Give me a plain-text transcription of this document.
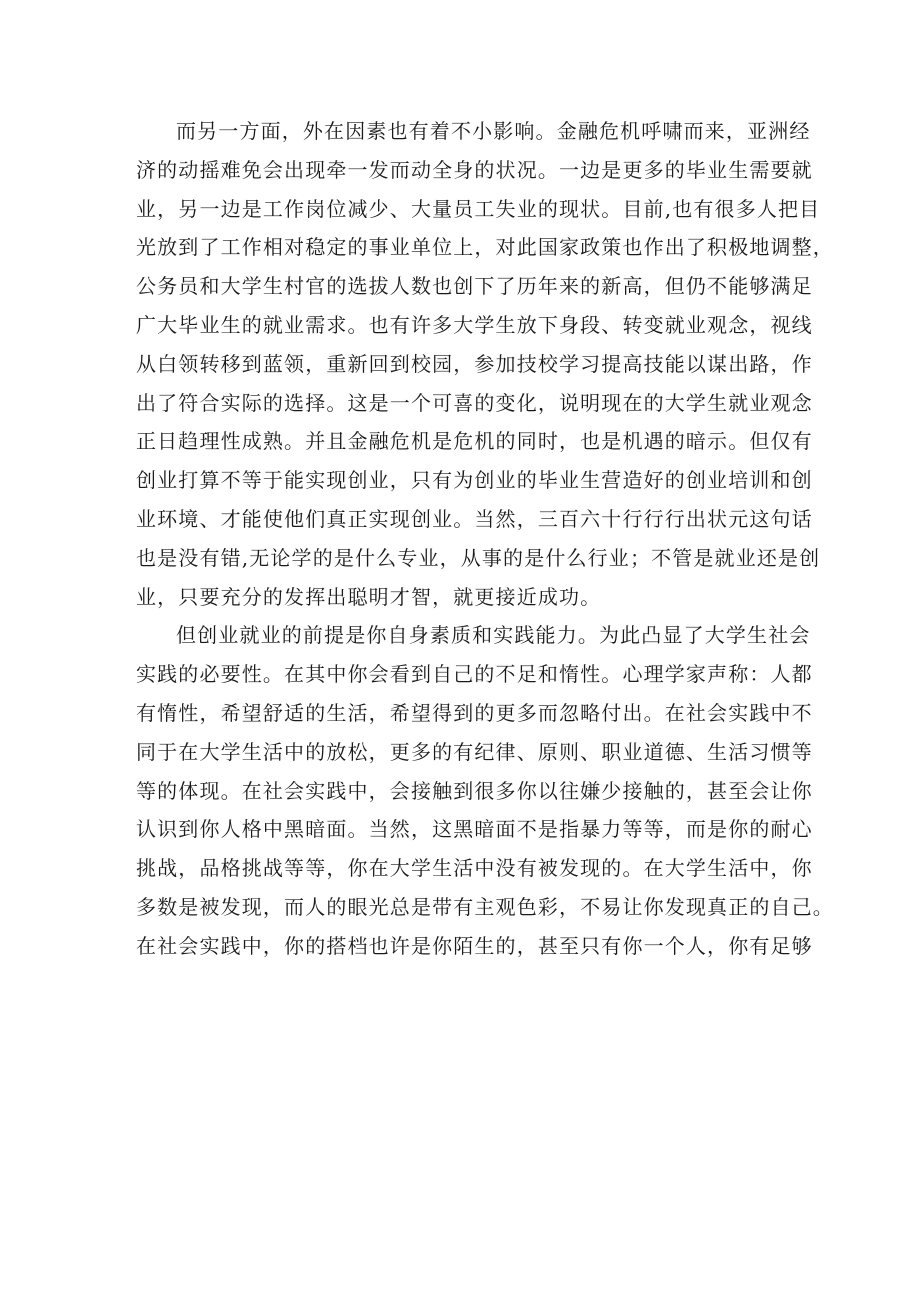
而另一方面，外在因素也有着不小影响。金融危机呼啸而来，亚洲经
济的动摇难免会出现牵一发而动全身的状况。一边是更多的毕业生需要就
业，另一边是工作岗位减少、大量员工失业的现状。目前,也有很多人把目
光放到了工作相对稳定的事业单位上，对此国家政策也作出了积极地调整，
公务员和大学生村官的选拔人数也创下了历年来的新高，但仍不能够满足
广大毕业生的就业需求。也有许多大学生放下身段、转变就业观念，视线
从白领转移到蓝领，重新回到校园，参加技校学习提高技能以谋出路，作
出了符合实际的选择。这是一个可喜的变化，说明现在的大学生就业观念
正日趋理性成熟。并且金融危机是危机的同时，也是机遇的暗示。但仅有
创业打算不等于能实现创业，只有为创业的毕业生营造好的创业培训和创
业环境、才能使他们真正实现创业。当然，三百六十行行行出状元这句话
也是没有错,无论学的是什么专业，从事的是什么行业；不管是就业还是创
业，只要充分的发挥出聪明才智，就更接近成功。
但创业就业的前提是你自身素质和实践能力。为此凸显了大学生社会
实践的必要性。在其中你会看到自己的不足和惰性。心理学家声称：人都
有惰性，希望舒适的生活，希望得到的更多而忽略付出。在社会实践中不
同于在大学生活中的放松，更多的有纪律、原则、职业道德、生活习惯等
等的体现。在社会实践中，会接触到很多你以往嫌少接触的，甚至会让你
认识到你人格中黑暗面。当然，这黑暗面不是指暴力等等，而是你的耐心
挑战，品格挑战等等，你在大学生活中没有被发现的。在大学生活中，你
多数是被发现，而人的眼光总是带有主观色彩，不易让你发现真正的自己。
在社会实践中，你的搭档也许是你陌生的，甚至只有你一个人，你有足够
